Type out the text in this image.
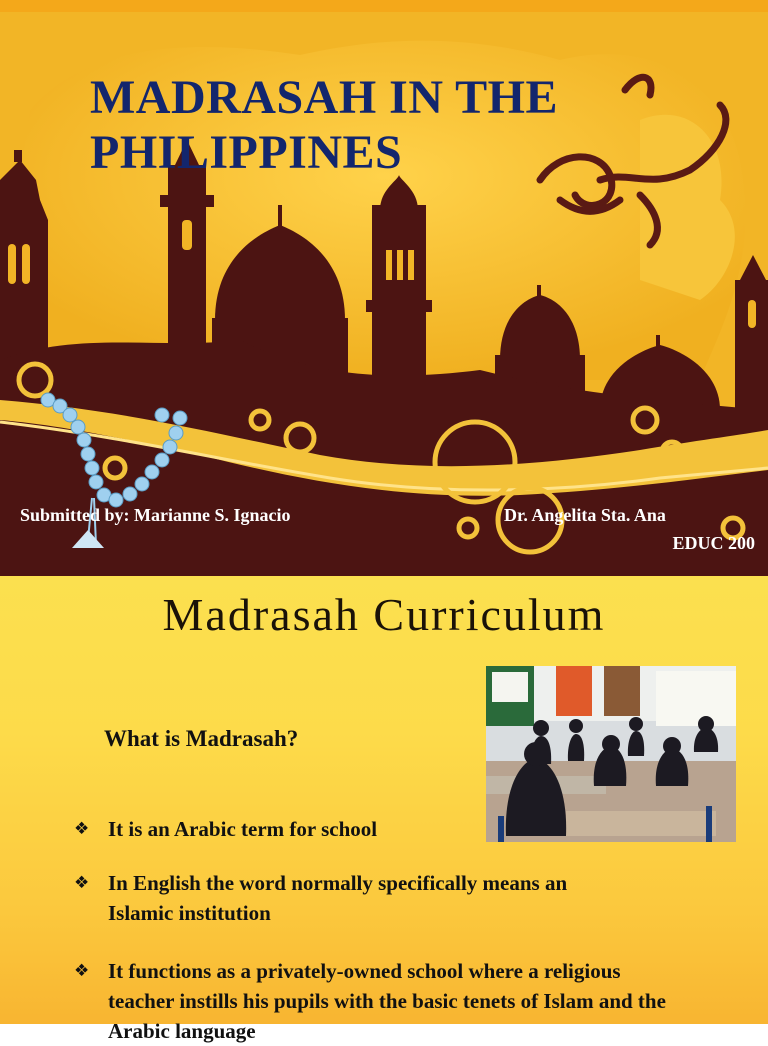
MADRASAH IN THE PHILIPPINES
Submitted by: Marianne S. Ignacio	Dr. Angelita Sta. Ana
EDUC 200
Madrasah Curriculum
What is Madrasah?
❖ It is an Arabic term for school
❖ In English the word normally specifically means an Islamic institution
❖ It functions as a privately-owned school where a religious teacher instills his pupils with the basic tenets of Islam and the Arabic language
